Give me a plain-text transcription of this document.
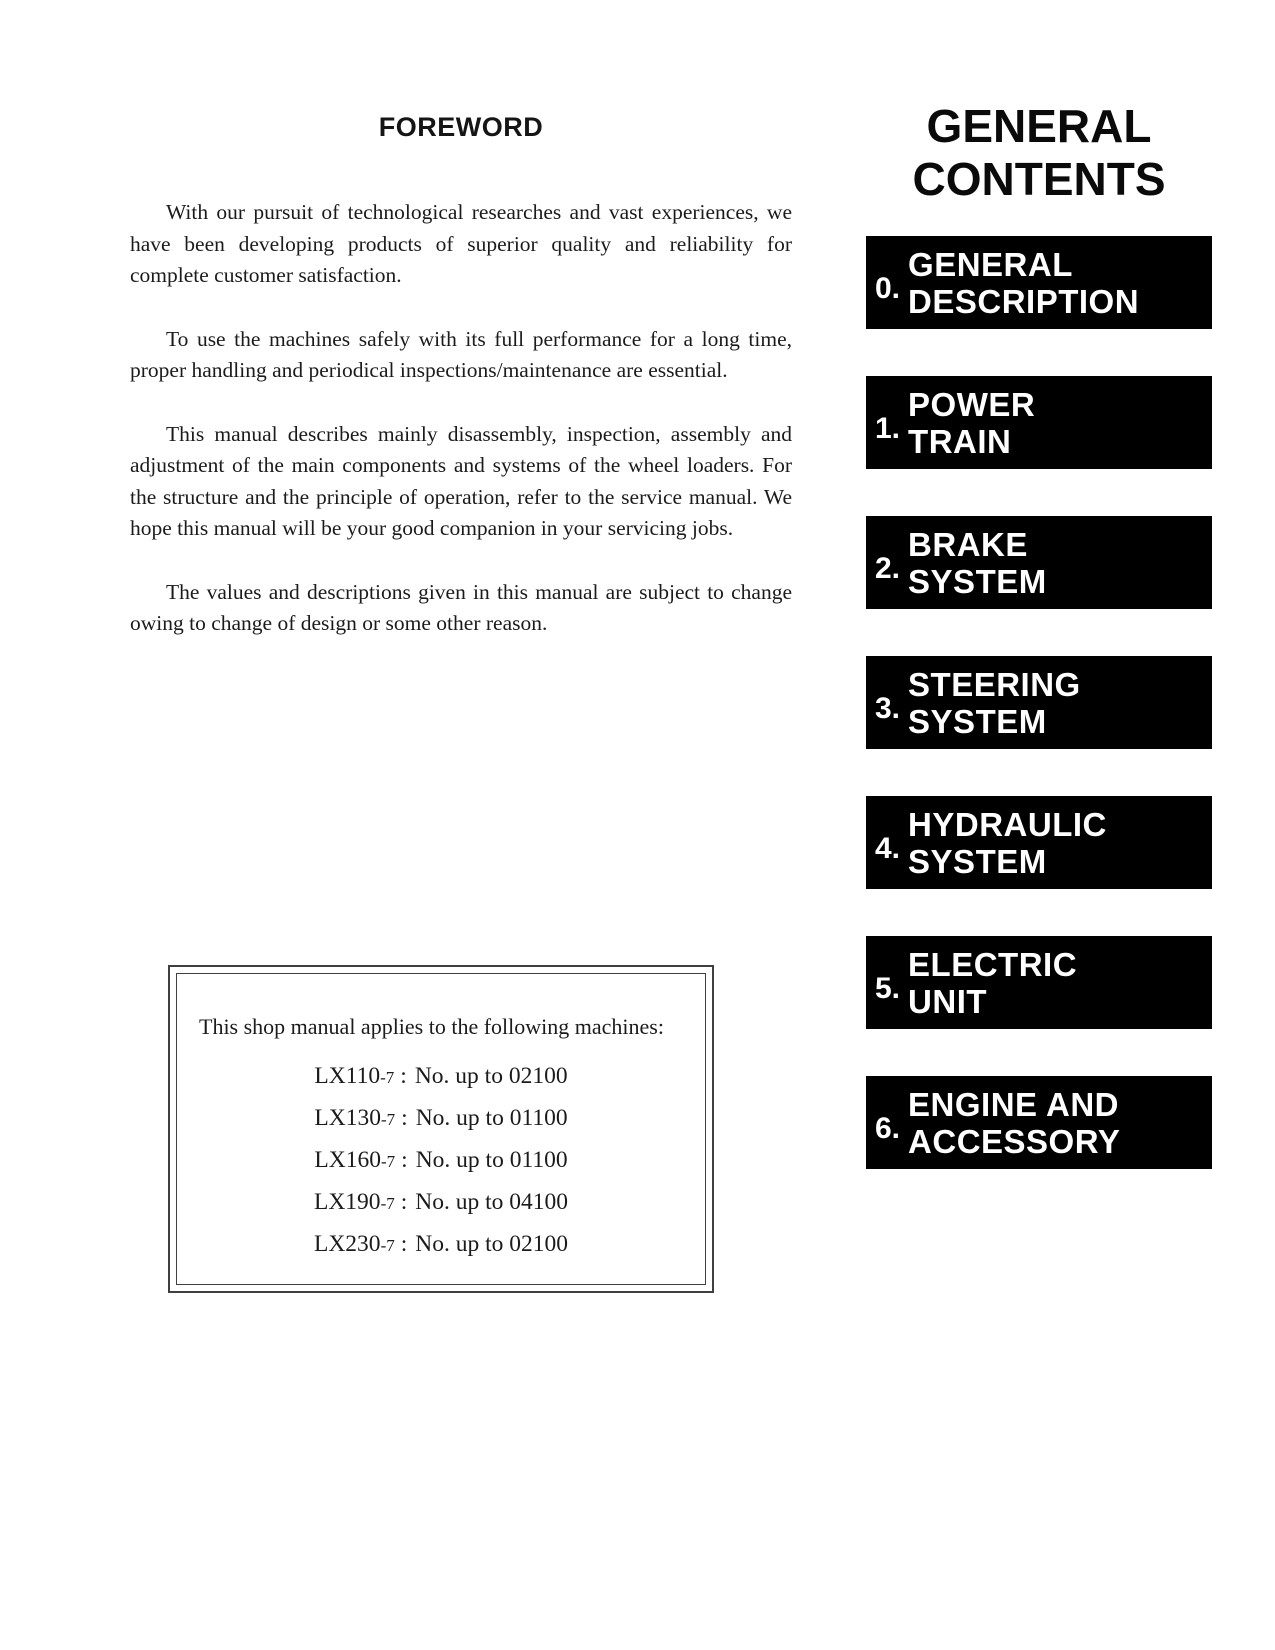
FOREWORD

With our pursuit of technological researches and vast experiences, we have been developing products of superior quality and reliability for complete customer satisfaction.

To use the machines safely with its full performance for a long time, proper handling and periodical inspections/maintenance are essential.

This manual describes mainly disassembly, inspection, assembly and adjustment of the main components and systems of the wheel loaders. For the structure and the principle of operation, refer to the service manual. We hope this manual will be your good companion in your servicing jobs.

The values and descriptions given in this manual are subject to change owing to change of design or some other reason.

This shop manual applies to the following machines:
LX110-7 : No. up to 02100
LX130-7 : No. up to 01100
LX160-7 : No. up to 01100
LX190-7 : No. up to 04100
LX230-7 : No. up to 02100
GENERAL
CONTENTS
0.
GENERAL
DESCRIPTION
1.
POWER
TRAIN
2.
BRAKE
SYSTEM
3.
STEERING
SYSTEM
4.
HYDRAULIC
SYSTEM
5.
ELECTRIC
UNIT
6.
ENGINE AND
ACCESSORY
